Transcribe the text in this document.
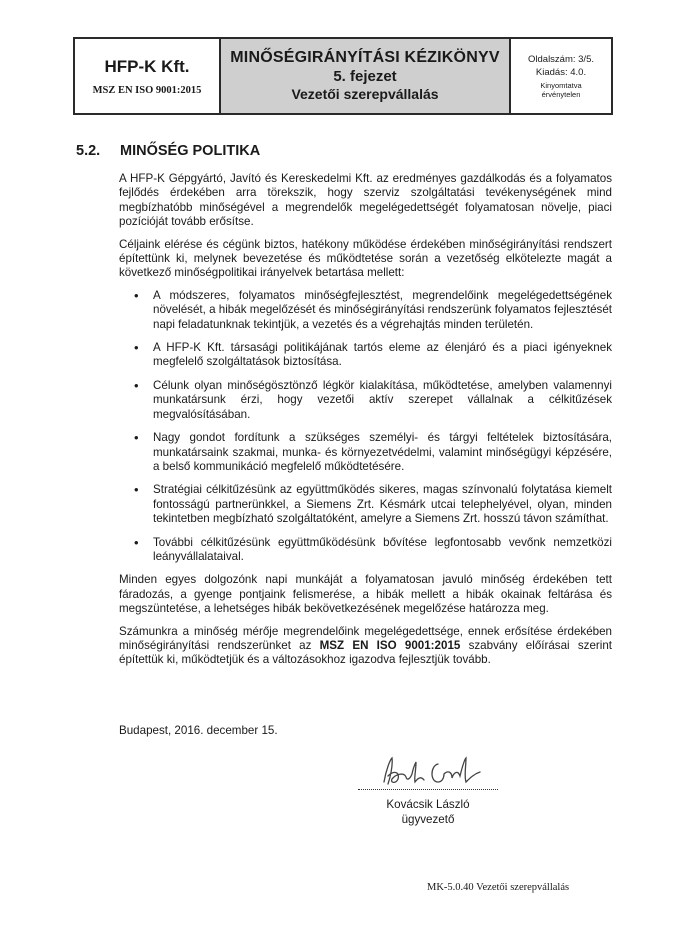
HFP-K Kft.
MSZ EN ISO 9001:2015
MINŐSÉGIRÁNYÍTÁSI KÉZIKÖNYV
5. fejezet
Vezetői szerepvállalás
Oldalszám: 3/5.
Kiadás: 4.0.
Kinyomtatva
érvénytelen
5.2. MINŐSÉG POLITIKA

A HFP-K Gépgyártó, Javító és Kereskedelmi Kft. az eredményes gazdálkodás és a folyamatos fejlődés érdekében arra törekszik, hogy szerviz szolgáltatási tevékenységének mind megbízhatóbb minőségével a megrendelők megelégedettségét folyamatosan növelje, piaci pozícióját tovább erősítse.

Céljaink elérése és cégünk biztos, hatékony működése érdekében minőségirányítási rendszert építettünk ki, melynek bevezetése és működtetése során a vezetőség elkötelezte magát a következő minőségpolitikai irányelvek betartása mellett:

• A módszeres, folyamatos minőségfejlesztést, megrendelőink megelégedettségének növelését, a hibák megelőzését és minőségirányítási rendszerünk folyamatos fejlesztését napi feladatunknak tekintjük, a vezetés és a végrehajtás minden területén.
• A HFP-K Kft. társasági politikájának tartós eleme az élenjáró és a piaci igényeknek megfelelő szolgáltatások biztosítása.
• Célunk olyan minőségösztönző légkör kialakítása, működtetése, amelyben valamennyi munkatársunk érzi, hogy vezetői aktív szerepet vállalnak a célkitűzések megvalósításában.
• Nagy gondot fordítunk a szükséges személyi- és tárgyi feltételek biztosítására, munkatársaink szakmai, munka- és környezetvédelmi, valamint minőségügyi képzésére, a belső kommunikáció megfelelő működtetésére.
• Stratégiai célkitűzésünk az együttműködés sikeres, magas színvonalú folytatása kiemelt fontosságú partnerünkkel, a Siemens Zrt. Késmárk utcai telephelyével, olyan, minden tekintetben megbízható szolgáltatóként, amelyre a Siemens Zrt. hosszú távon számíthat.
• További célkitűzésünk együttműködésünk bővítése legfontosabb vevőnk nemzetközi leányvállalataival.

Minden egyes dolgozónk napi munkáját a folyamatosan javuló minőség érdekében tett fáradozás, a gyenge pontjaink felismerése, a hibák mellett a hibák okainak feltárása és megszüntetése, a lehetséges hibák bekövetkezésének megelőzése határozza meg.

Számunkra a minőség mérője megrendelőink megelégedettsége, ennek erősítése érdekében minőségirányítási rendszerünket az MSZ EN ISO 9001:2015 szabvány előírásai szerint építettük ki, működtetjük és a változásokhoz igazodva fejlesztjük tovább.

Budapest, 2016. december 15.
Kovácsik László
ügyvezető
MK-5.0.40 Vezetői szerepvállalás
